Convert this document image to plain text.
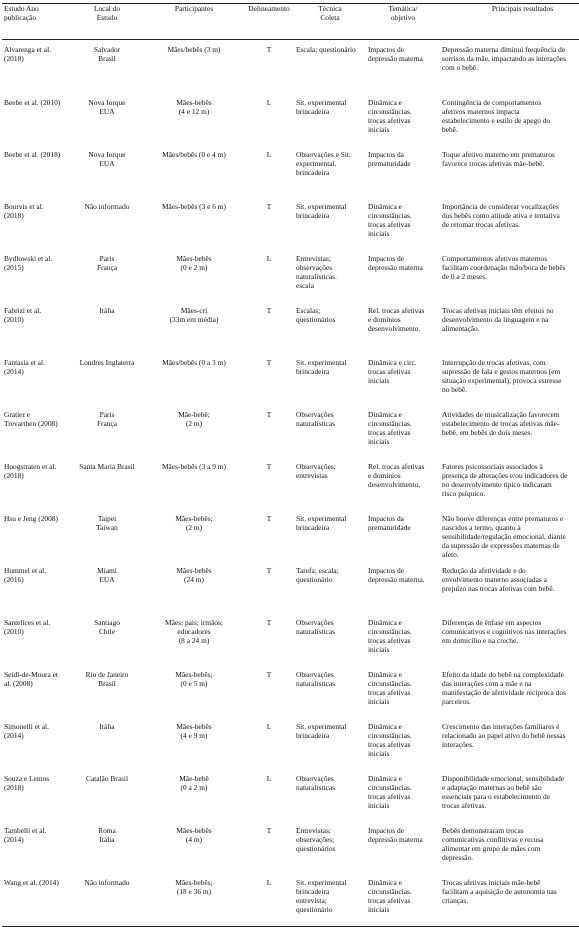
Estudo Ano
publicação	Local do
Estudo	Participantes	Delineamento	Técnica
Coleta	Temática/
objetivo	Principais resultados
Alvarenga et al.
(2018)	Salvador
Brasil	Mães/bebês (3 m)	T	Escala; questionário	Impactos de
depressão materna	Depressão materna diminui frequência de
sorrisos da mãe, impactando as interações
com o bebê.
Beebe et al. (2010)	Nova Iorque
EUA	Mães-bebês
(4 e 12 m)	L	Sit. experimental
brincadeira	Dinâmica e
circunstâncias.
trocas afetivas
iniciais	Contingência de comportamentos
afetivos maternos impacta
estabelecimento e estilo de apego do
bebê.
Beebe et al. (2018)	Nova Iorque
EUA	Mães/bebês (0 e 4 m)	L	Observações e Sit.
experimental.
brincadeira	Impactos da
prematuridade	Toque afetivo materno em prematuros
favorece trocas afetivas mãe-bebê.
Bourvis et al.
(2018)	Não informado	Mães-bebês (3 e 6 m)	T	Sit. experimental
brincadeira	Dinâmica e
circunstâncias.
trocas afetivas
iniciais	Importância de considerar vocalizações
dos bebês como atitude ativa e tentativa
de retomar trocas afetivas.
Bydlowski et al.
(2015)	Paris
França	Mães-bebês
(0 e 2 m)	L	Entrevistas;
observações
naturalísticas.
escala	Impactos de
depressão materna	Comportamentos afetivos maternos
facilitam coordenação mão/boca de bebês
de 0 a 2 meses.
Fabrizi et al.
(2010)	Itália	Mães-cri
(33m em média)	T	Escalas;
questionários	Rel. trocas afetivas
e domínios
desenvolvimento.	Trocas afetivas iniciais têm efeitos no
desenvolvimento da linguagem e na
alimentação.
Fantasia et al.
(2014)	Londres Inglaterra	Mães/bebês (0 a 3 m)	T	Sit. experimental
brincadeira	Dinâmica e circ.
trocas afetivas
iniciais	Interrupção de trocas afetivas, com
supressão de fala e gestos maternos (em
situação experimental), provoca estresse
no bebê.
Gratier e
Trevarthen (2008)	Paris
França	Mãe-bebê;
(2 m)	T	Observações
naturalísticas	Dinâmica e
circunstâncias.
trocas afetivas
iniciais	Atividades de musicalização favorecem
estabelecimento de trocas afetivas mãe-
bebê, em bebês de dois meses.
Hoogstraten et al.
(2018)	Santa Maria Brasil	Mães-bebês (3 a 9 m)	T	Observações;
entrevistas	Rel. trocas afetivas
e domínios
desenvolvimento.	Fatores psicossociais associados à
presença de alterações e/ou indicadores de
no desenvolvimento típico indicaram
risco psíquico.
Hsu e Jeng (2008)	Taipei
Taiwan	Mães-bebês;
(2 m)	T	Sit. experimental
brincadeira	Impactos da
prematuridade	Não houve diferenças entre prematuros e
nascidos a termo, quanto à
sensibilidade/regulação emocional, diante
da supressão de expressões maternas de
afeto.
Hummel et al.
(2016)	Miami
EUA	Mães-bebês
(24 m)	T	Tarefa; escala;
questionário	Impactos de
depressão materna.	Redução da afetividade e do
envolvimento materno associadas a
prejuízo nas trocas afetivas com bebê.
Santelices et al.
(2010)	Santiago
Chile	Mães; pais; irmãos;
educadores
(8 a 24 m)	T	Observações
naturalísticas	Dinâmica e
circunstâncias.
trocas afetivas
iniciais	Diferenças de ênfase em aspectos
comunicativos e cognitivos nas interações
em domicílio e na creche.
Seidl-de-Moura et
al. (2008)	Rio de Janeiro
Brasil	Mães-bebês;
(0 e 5 m)	T	Observações
naturalísticas	Dinâmica e
circunstâncias.
trocas afetivas
iniciais	Efeito da idade do bebê na complexidade
das interações com a mãe e na
manifestação de afetividade recíproca dos
parceiros.
Simonelli et al.
(2014)	Itália	Mães-bebês
(4 e 9 m)	L	Sit. experimental
brincadeira	Dinâmica e
circunstâncias.
trocas afetivas
iniciais	Crescimento das interações familiares é
relacionado ao papel ativo do bebê nessas
interações.
Souza e Lemos
(2018)	Catalão Brasil	Mãe-bebê
(0 a 2 m)	L	Observações
naturalísticas	Dinâmica e
circunstâncias.
trocas afetivas
iniciais	Disponibilidade emocional, sensibilidade
e adaptação maternas ao bebê são
essenciais para o estabelecimento de
trocas afetivas.
Tambelli et al.
(2014)	Roma
Itália	Mães-bebês
(4 m)	T	Entrevistas;
observações;
questionários	Impactos de
depressão materna	Bebês demonstraram trocas
comunicativas conflitivas e recusa
alimentar em grupo de mães com
depressão.
Wang et al. (2014)	Não informado	Mães-bebês;
(18 e 36 m)	L	Sit. experimental
brincadeira
entrevista;
questionário	Dinâmica e
circunstâncias.
trocas afetivas
iniciais	Trocas afetivas iniciais mãe-bebê
facilitam a aquisição de autonomia nas
crianças.
